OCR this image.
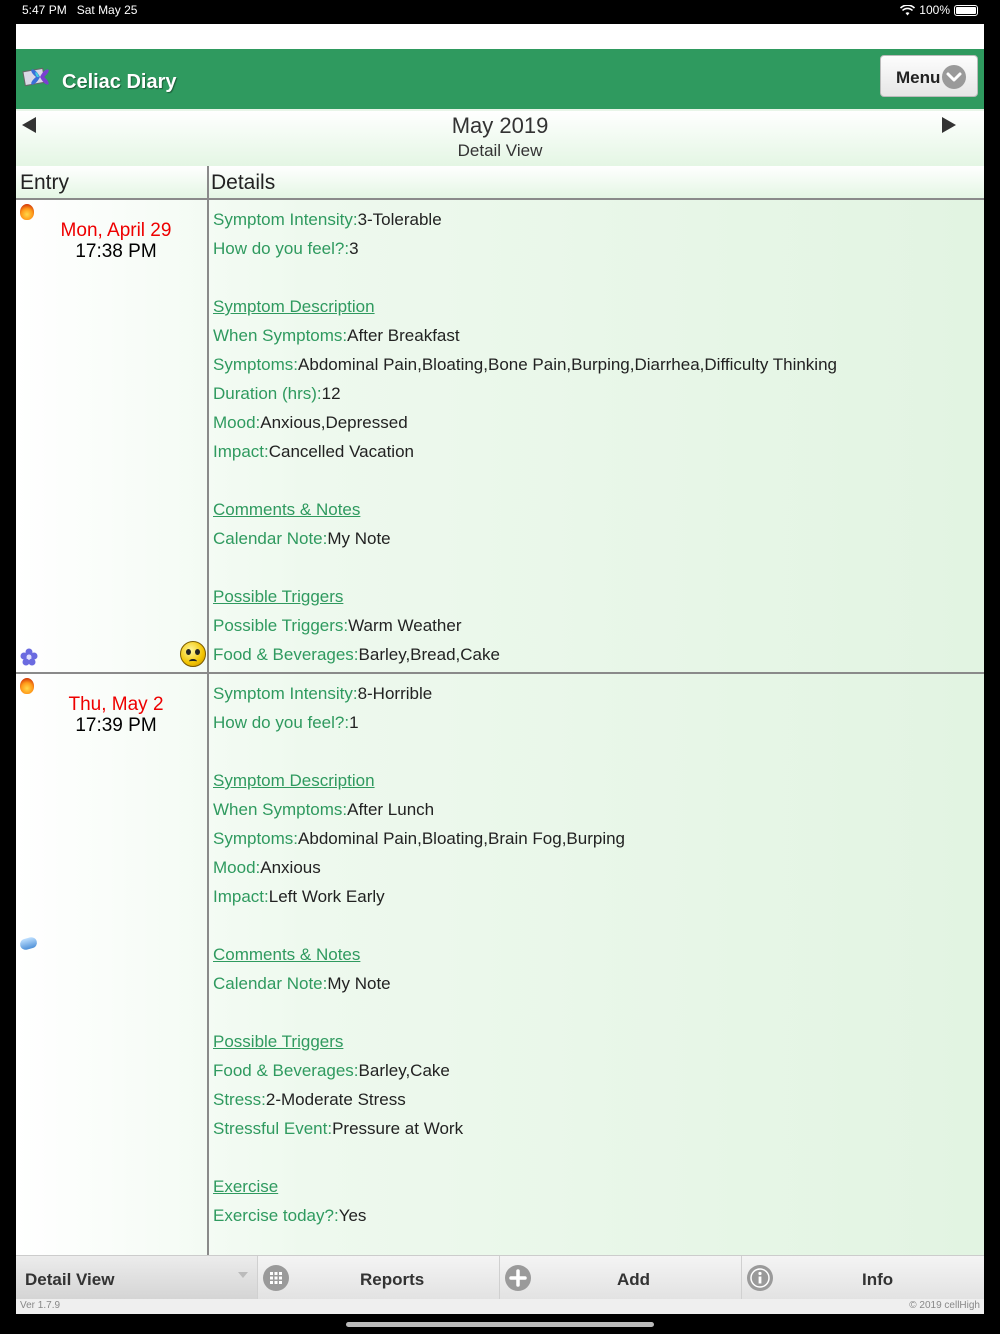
5:47 PM Sat May 25	100%
Celiac Diary	Menu
May 2019
Detail View
Entry	Details
Mon, April 29
17:38 PM
Symptom Intensity:3-Tolerable
How do you feel?:3
Symptom Description
When Symptoms:After Breakfast
Symptoms:Abdominal Pain,Bloating,Bone Pain,Burping,Diarrhea,Difficulty Thinking
Duration (hrs):12
Mood:Anxious,Depressed
Impact:Cancelled Vacation
Comments & Notes
Calendar Note:My Note
Possible Triggers
Possible Triggers:Warm Weather
Food & Beverages:Barley,Bread,Cake
Thu, May 2
17:39 PM
Symptom Intensity:8-Horrible
How do you feel?:1
Symptom Description
When Symptoms:After Lunch
Symptoms:Abdominal Pain,Bloating,Brain Fog,Burping
Mood:Anxious
Impact:Left Work Early
Comments & Notes
Calendar Note:My Note
Possible Triggers
Food & Beverages:Barley,Cake
Stress:2-Moderate Stress
Stressful Event:Pressure at Work
Exercise
Exercise today?:Yes
Detail View	Reports	Add	Info
Ver 1.7.9	© 2019 cellHigh
